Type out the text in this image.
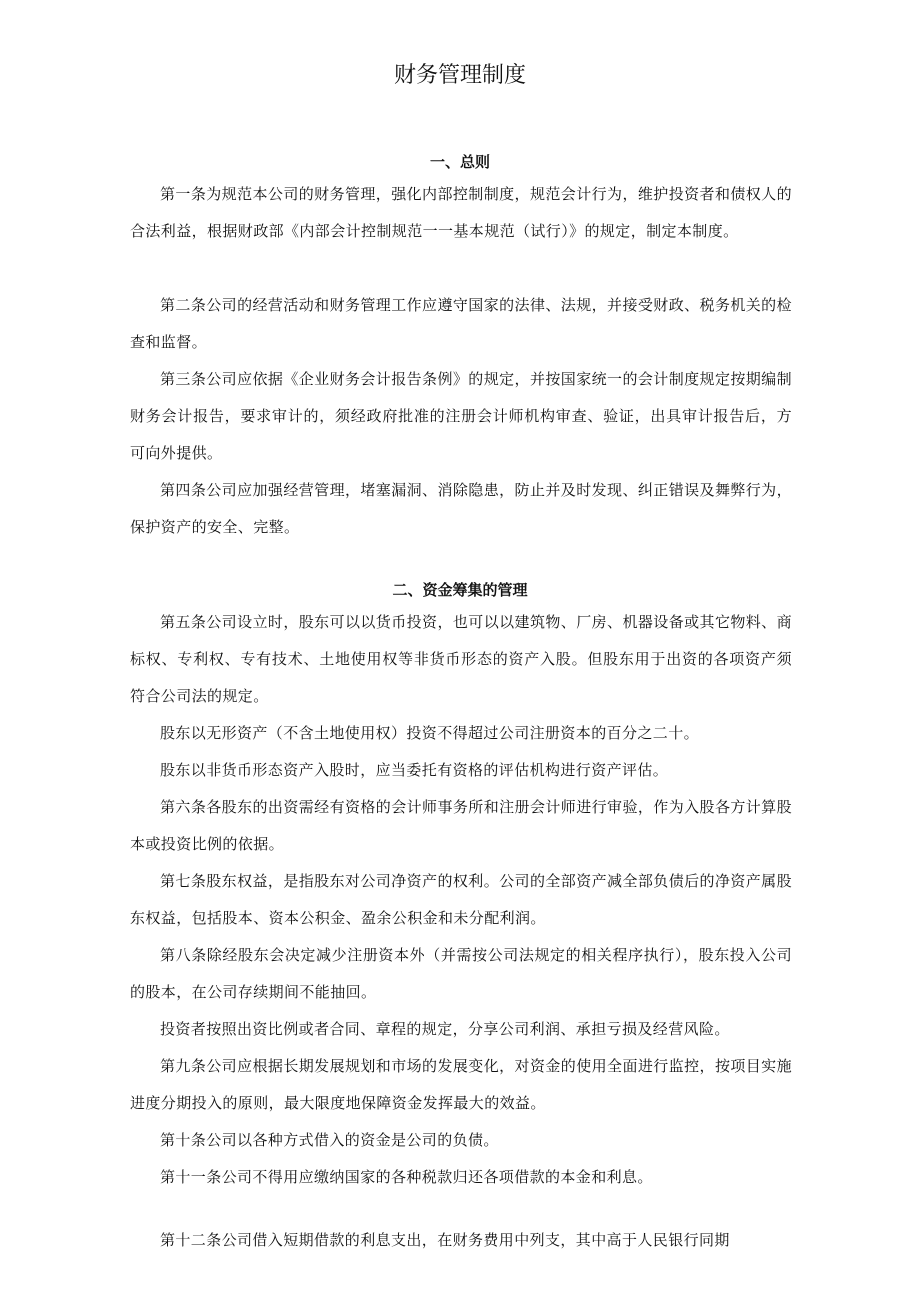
财务管理制度
一、总则

第一条为规范本公司的财务管理，强化内部控制制度，规范会计行为，维护投资者和债权人的合法利益，根据财政部《内部会计控制规范一一基本规范（试行）》的规定，制定本制度。

第二条公司的经营活动和财务管理工作应遵守国家的法律、法规，并接受财政、税务机关的检查和监督。

第三条公司应依据《企业财务会计报告条例》的规定，并按国家统一的会计制度规定按期编制财务会计报告，要求审计的，须经政府批准的注册会计师机构审查、验证，出具审计报告后，方可向外提供。

第四条公司应加强经营管理，堵塞漏洞、消除隐患，防止并及时发现、纠正错误及舞弊行为，保护资产的安全、完整。

二、资金筹集的管理

第五条公司设立时，股东可以以货币投资，也可以以建筑物、厂房、机器设备或其它物料、商标权、专利权、专有技术、土地使用权等非货币形态的资产入股。但股东用于出资的各项资产须符合公司法的规定。

股东以无形资产（不含土地使用权）投资不得超过公司注册资本的百分之二十。

股东以非货币形态资产入股时，应当委托有资格的评估机构进行资产评估。

第六条各股东的出资需经有资格的会计师事务所和注册会计师进行审验，作为入股各方计算股本或投资比例的依据。

第七条股东权益，是指股东对公司净资产的权利。公司的全部资产减全部负债后的净资产属股东权益，包括股本、资本公积金、盈余公积金和未分配利润。

第八条除经股东会决定减少注册资本外（并需按公司法规定的相关程序执行），股东投入公司的股本，在公司存续期间不能抽回。

投资者按照出资比例或者合同、章程的规定，分享公司利润、承担亏损及经营风险。

第九条公司应根据长期发展规划和市场的发展变化，对资金的使用全面进行监控，按项目实施进度分期投入的原则，最大限度地保障资金发挥最大的效益。

第十条公司以各种方式借入的资金是公司的负债。

第十一条公司不得用应缴纳国家的各种税款归还各项借款的本金和利息。

第十二条公司借入短期借款的利息支出，在财务费用中列支，其中高于人民银行同期
